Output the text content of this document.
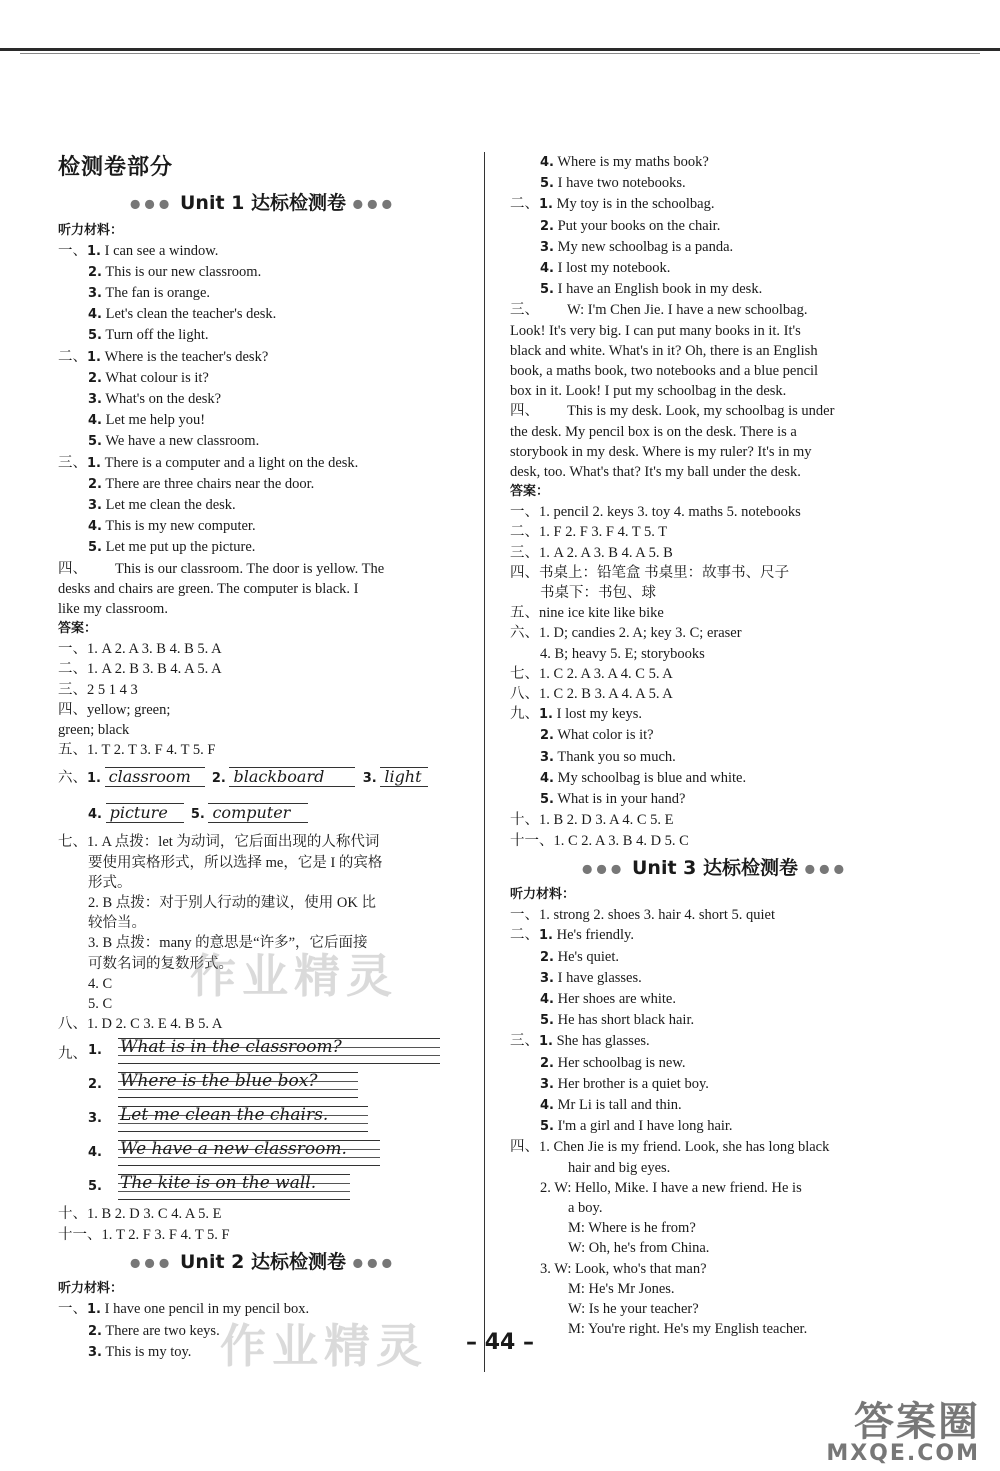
检测卷部分
●●● Unit 1 达标检测卷 ●●●
听力材料：
一、1. I can see a window.
2. This is our new classroom.
3. The fan is orange.
4. Let's clean the teacher's desk.
5. Turn off the light.
二、1. Where is the teacher's desk?
2. What colour is it?
3. What's on the desk?
4. Let me help you!
5. We have a new classroom.
三、1. There is a computer and a light on the desk.
2. There are three chairs near the door.
3. Let me clean the desk.
4. This is my new computer.
5. Let me put up the picture.
四、 This is our classroom. The door is yellow. The
desks and chairs are green. The computer is black. I
like my classroom.
答案：
一、1. A 2. A 3. B 4. B 5. A
二、1. A 2. B 3. B 4. A 5. A
三、2 5 1 4 3
四、yellow; green;
green; black
五、1. T 2. T 3. F 4. T 5. F
六、1. classroom 2. blackboard	3. light
4. picture 5. computer
七、1. A 点拨：let 为动词，它后面出现的人称代词
要使用宾格形式，所以选择 me，它是 I 的宾格
形式。
2. B 点拨：对于别人行动的建议，使用 OK 比
较恰当。
3. B 点拨：many 的意思是“许多”，它后面接
可数名词的复数形式。
4. C
5. C
八、1. D 2. C 3. E 4. B 5. A
九、 1. What is in the classroom?
2. Where is the blue box?
3. Let me clean the chairs.
4. We have a new classroom.
5. The kite is on the wall.
十、1. B 2. D 3. C 4. A 5. E
十一、1. T 2. F 3. F 4. T 5. F
●●● Unit 2 达标检测卷 ●●●
听力材料：
一、1. I have one pencil in my pencil box.
2. There are two keys.
3. This is my toy.
4. Where is my maths book?
5. I have two notebooks.
二、1. My toy is in the schoolbag.
2. Put your books on the chair.
3. My new schoolbag is a panda.
4. I lost my notebook.
5. I have an English book in my desk.
三、 W: I'm Chen Jie. I have a new schoolbag.
Look! It's very big. I can put many books in it. It's
black and white. What's in it? Oh, there is an English
book, a maths book, two notebooks and a blue pencil
box in it. Look! I put my schoolbag in the desk.
四、 This is my desk. Look, my schoolbag is under
the desk. My pencil box is on the desk. There is a
storybook in my desk. Where is my ruler? It's in my
desk, too. What's that? It's my ball under the desk.
答案：
一、1. pencil 2. keys 3. toy 4. maths 5. notebooks
二、1. F 2. F 3. F 4. T 5. T
三、1. A 2. A 3. B 4. A 5. B
四、书桌上：铅笔盒 书桌里：故事书、尺子
书桌下：书包、球
五、nine ice kite like bike
六、1. D; candies 2. A; key 3. C; eraser
4. B; heavy 5. E; storybooks
七、1. C 2. A 3. A 4. C 5. A
八、1. C 2. B 3. A 4. A 5. A
九、1. I lost my keys.
2. What color is it?
3. Thank you so much.
4. My schoolbag is blue and white.
5. What is in your hand?
十、1. B 2. D 3. A 4. C 5. E
十一、1. C 2. A 3. B 4. D 5. C
●●● Unit 3 达标检测卷 ●●●
听力材料：
一、1. strong 2. shoes 3. hair 4. short 5. quiet
二、1. He's friendly.
2. He's quiet.
3. I have glasses.
4. Her shoes are white.
5. He has short black hair.
三、1. She has glasses.
2. Her schoolbag is new.
3. Her brother is a quiet boy.
4. Mr Li is tall and thin.
5. I'm a girl and I have long hair.
四、1. Chen Jie is my friend. Look, she has long black
hair and big eyes.
2. W: Hello, Mike. I have a new friend. He is
a boy.
M: Where is he from?
W: Oh, he's from China.
3. W: Look, who's that man?
M: He's Mr Jones.
W: Is he your teacher?
M: You're right. He's my English teacher.
作业精灵
作业精灵	– 44 –
答案圈
MXQE.COM
